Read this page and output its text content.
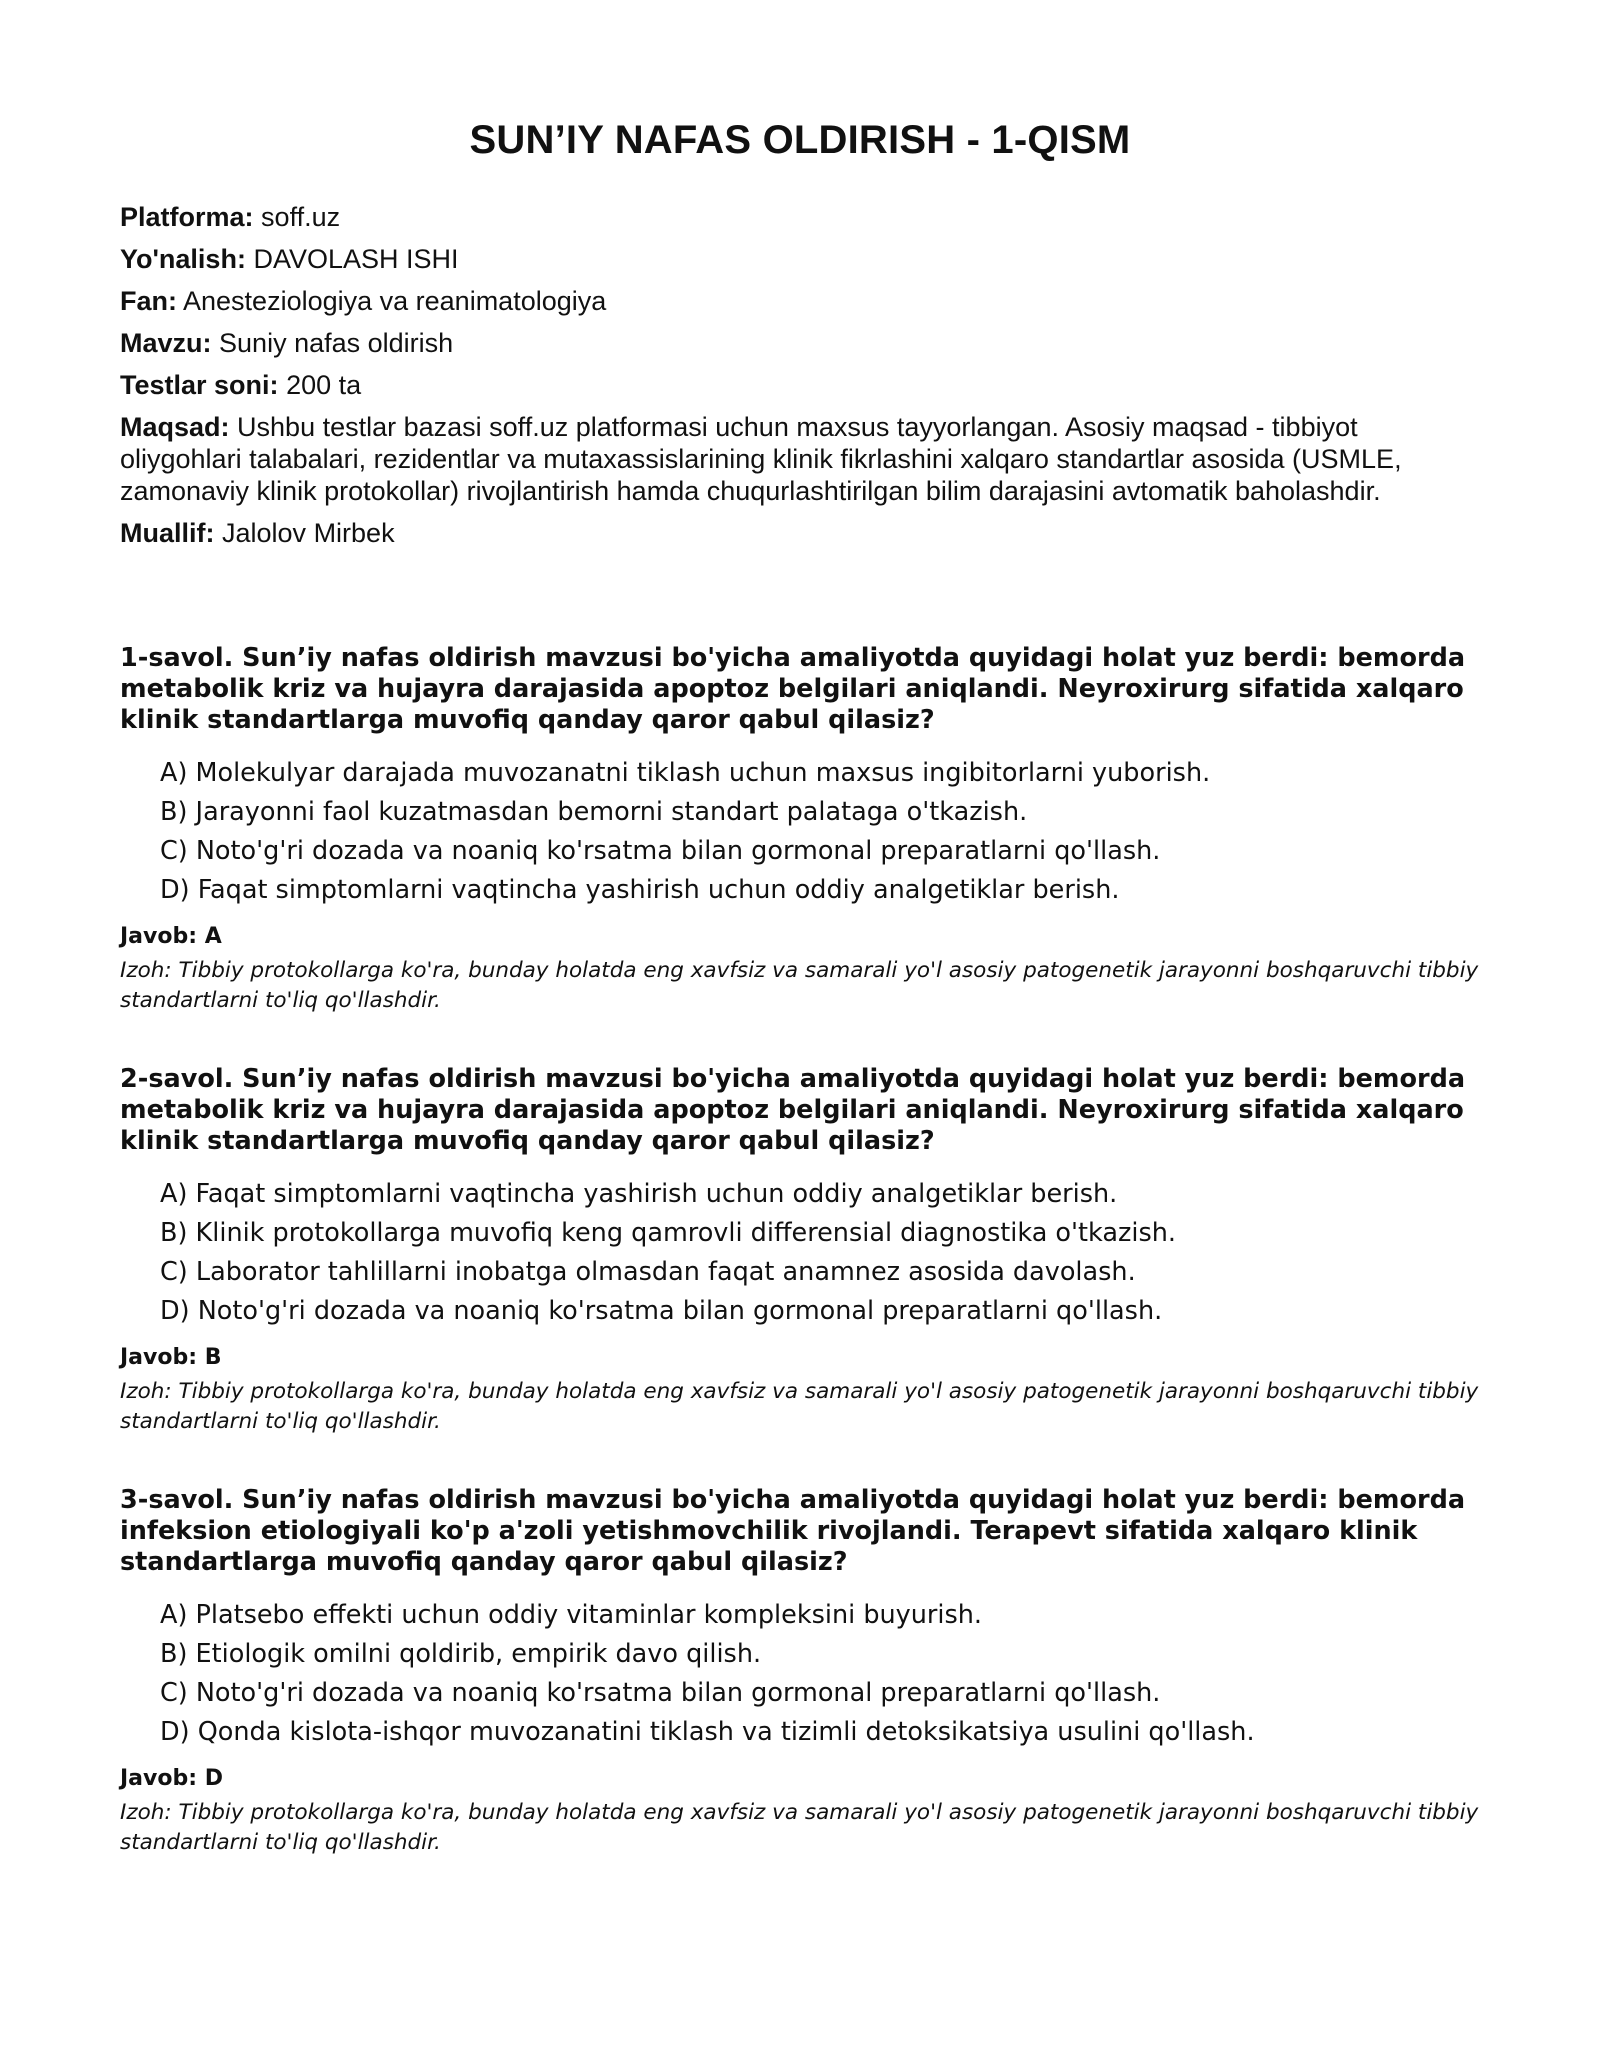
SUN’IY NAFAS OLDIRISH - 1-QISM

Platforma: soff.uz

Yo'nalish: DAVOLASH ISHI

Fan: Anesteziologiya va reanimatologiya

Mavzu: Suniy nafas oldirish

Testlar soni: 200 ta

Maqsad: Ushbu testlar bazasi soff.uz platformasi uchun maxsus tayyorlangan. Asosiy maqsad - tibbiyot oliygohlari talabalari, rezidentlar va mutaxassislarining klinik fikrlashini xalqaro standartlar asosida (USMLE, zamonaviy klinik protokollar) rivojlantirish hamda chuqurlashtirilgan bilim darajasini avtomatik baholashdir.

Muallif: Jalolov Mirbek

1-savol. Sun’iy nafas oldirish mavzusi bo'yicha amaliyotda quyidagi holat yuz berdi: bemorda metabolik kriz va hujayra darajasida apoptoz belgilari aniqlandi. Neyroxirurg sifatida xalqaro klinik standartlarga muvofiq qanday qaror qabul qilasiz?

A) Molekulyar darajada muvozanatni tiklash uchun maxsus ingibitorlarni yuborish.
B) Jarayonni faol kuzatmasdan bemorni standart palataga o'tkazish.
C) Noto'g'ri dozada va noaniq ko'rsatma bilan gormonal preparatlarni qo'llash.
D) Faqat simptomlarni vaqtincha yashirish uchun oddiy analgetiklar berish.

Javob: A

Izoh: Tibbiy protokollarga ko'ra, bunday holatda eng xavfsiz va samarali yo'l asosiy patogenetik jarayonni boshqaruvchi tibbiy standartlarni to'liq qo'llashdir.

2-savol. Sun’iy nafas oldirish mavzusi bo'yicha amaliyotda quyidagi holat yuz berdi: bemorda metabolik kriz va hujayra darajasida apoptoz belgilari aniqlandi. Neyroxirurg sifatida xalqaro klinik standartlarga muvofiq qanday qaror qabul qilasiz?

A) Faqat simptomlarni vaqtincha yashirish uchun oddiy analgetiklar berish.
B) Klinik protokollarga muvofiq keng qamrovli differensial diagnostika o'tkazish.
C) Laborator tahlillarni inobatga olmasdan faqat anamnez asosida davolash.
D) Noto'g'ri dozada va noaniq ko'rsatma bilan gormonal preparatlarni qo'llash.

Javob: B

Izoh: Tibbiy protokollarga ko'ra, bunday holatda eng xavfsiz va samarali yo'l asosiy patogenetik jarayonni boshqaruvchi tibbiy standartlarni to'liq qo'llashdir.

3-savol. Sun’iy nafas oldirish mavzusi bo'yicha amaliyotda quyidagi holat yuz berdi: bemorda infeksion etiologiyali ko'p a'zoli yetishmovchilik rivojlandi. Terapevt sifatida xalqaro klinik standartlarga muvofiq qanday qaror qabul qilasiz?

A) Platsebo effekti uchun oddiy vitaminlar kompleksini buyurish.
B) Etiologik omilni qoldirib, empirik davo qilish.
C) Noto'g'ri dozada va noaniq ko'rsatma bilan gormonal preparatlarni qo'llash.
D) Qonda kislota-ishqor muvozanatini tiklash va tizimli detoksikatsiya usulini qo'llash.

Javob: D

Izoh: Tibbiy protokollarga ko'ra, bunday holatda eng xavfsiz va samarali yo'l asosiy patogenetik jarayonni boshqaruvchi tibbiy standartlarni to'liq qo'llashdir.
